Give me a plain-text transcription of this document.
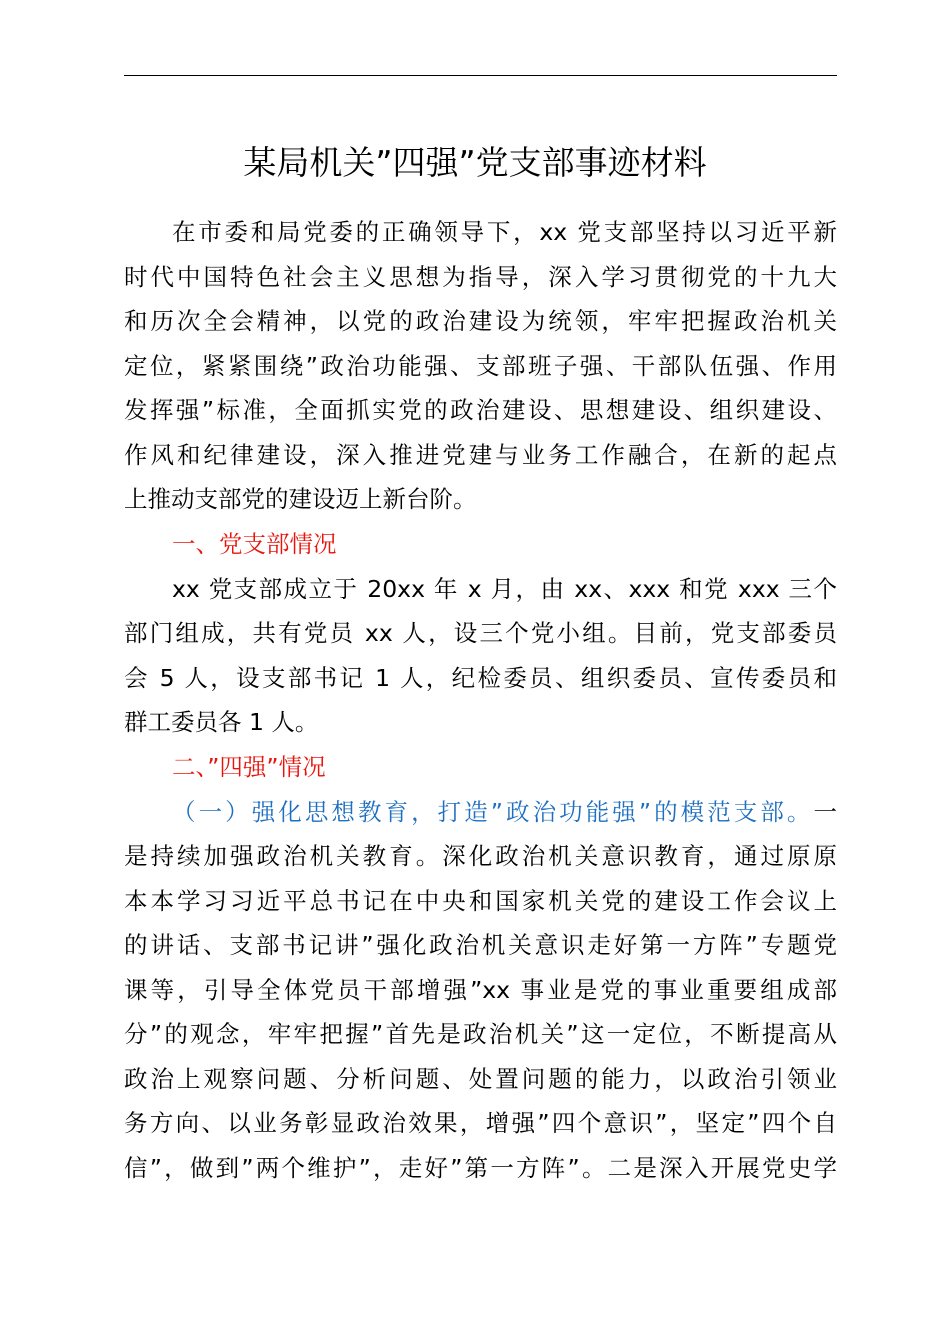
某局机关”四强”党支部事迹材料
在市委和局党委的正确领导下，xx 党支部坚持以习近平新
时代中国特色社会主义思想为指导，深入学习贯彻党的十九大
和历次全会精神，以党的政治建设为统领，牢牢把握政治机关
定位，紧紧围绕”政治功能强、支部班子强、干部队伍强、作用
发挥强”标准，全面抓实党的政治建设、思想建设、组织建设、
作风和纪律建设，深入推进党建与业务工作融合，在新的起点
上推动支部党的建设迈上新台阶。
一、党支部情况
xx 党支部成立于 20xx 年 x 月，由 xx、xxx 和党 xxx 三个
部门组成，共有党员 xx 人，设三个党小组。目前，党支部委员
会 5 人，设支部书记 1 人，纪检委员、组织委员、宣传委员和
群工委员各 1 人。
二、”四强”情况
（一）强化思想教育，打造”政治功能强”的模范支部。一
是持续加强政治机关教育。深化政治机关意识教育，通过原原
本本学习习近平总书记在中央和国家机关党的建设工作会议上
的讲话、支部书记讲”强化政治机关意识走好第一方阵”专题党
课等，引导全体党员干部增强”xx 事业是党的事业重要组成部
分”的观念，牢牢把握”首先是政治机关”这一定位，不断提高从
政治上观察问题、分析问题、处置问题的能力，以政治引领业
务方向、以业务彰显政治效果，增强”四个意识”，坚定”四个自
信”，做到”两个维护”，走好”第一方阵”。二是深入开展党史学
